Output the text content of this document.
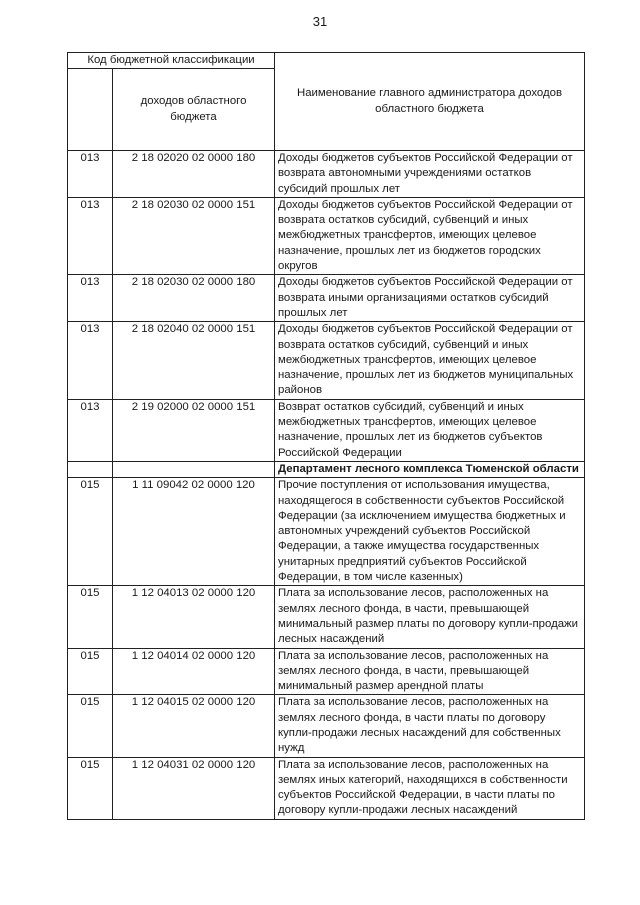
31
Код бюджетной классификации		Наименование главного администратора доходов областного бюджета
	доходов областного бюджета	
013	2 18 02020 02 0000 180	Доходы бюджетов субъектов Российской Федерации от возврата автономными учреждениями остатков субсидий прошлых лет
013	2 18 02030 02 0000 151	Доходы бюджетов субъектов Российской Федерации от возврата остатков субсидий, субвенций и иных межбюджетных трансфертов, имеющих целевое назначение, прошлых лет из бюджетов городских округов
013	2 18 02030 02 0000 180	Доходы бюджетов субъектов Российской Федерации от возврата иными организациями остатков субсидий прошлых лет
013	2 18 02040 02 0000 151	Доходы бюджетов субъектов Российской Федерации от возврата остатков субсидий, субвенций и иных межбюджетных трансфертов, имеющих целевое назначение, прошлых лет из бюджетов муниципальных районов
013	2 19 02000 02 0000 151	Возврат остатков субсидий, субвенций и иных межбюджетных трансфертов, имеющих целевое назначение, прошлых лет из бюджетов субъектов Российской Федерации
		Департамент лесного комплекса Тюменской области
015	1 11 09042 02 0000 120	Прочие поступления от использования имущества, находящегося в собственности субъектов Российской Федерации (за исключением имущества бюджетных и автономных учреждений субъектов Российской Федерации, а также имущества государственных унитарных предприятий субъектов Российской Федерации, в том числе казенных)
015	1 12 04013 02 0000 120	Плата за использование лесов, расположенных на землях лесного фонда, в части, превышающей минимальный размер платы по договору купли-продажи лесных насаждений
015	1 12 04014 02 0000 120	Плата за использование лесов, расположенных на землях лесного фонда, в части, превышающей минимальный размер арендной платы
015	1 12 04015 02 0000 120	Плата за использование лесов, расположенных на землях лесного фонда, в части платы по договору купли-продажи лесных насаждений для собственных нужд
015	1 12 04031 02 0000 120	Плата за использование лесов, расположенных на землях иных категорий, находящихся в собственности субъектов Российской Федерации, в части платы по договору купли-продажи лесных насаждений
